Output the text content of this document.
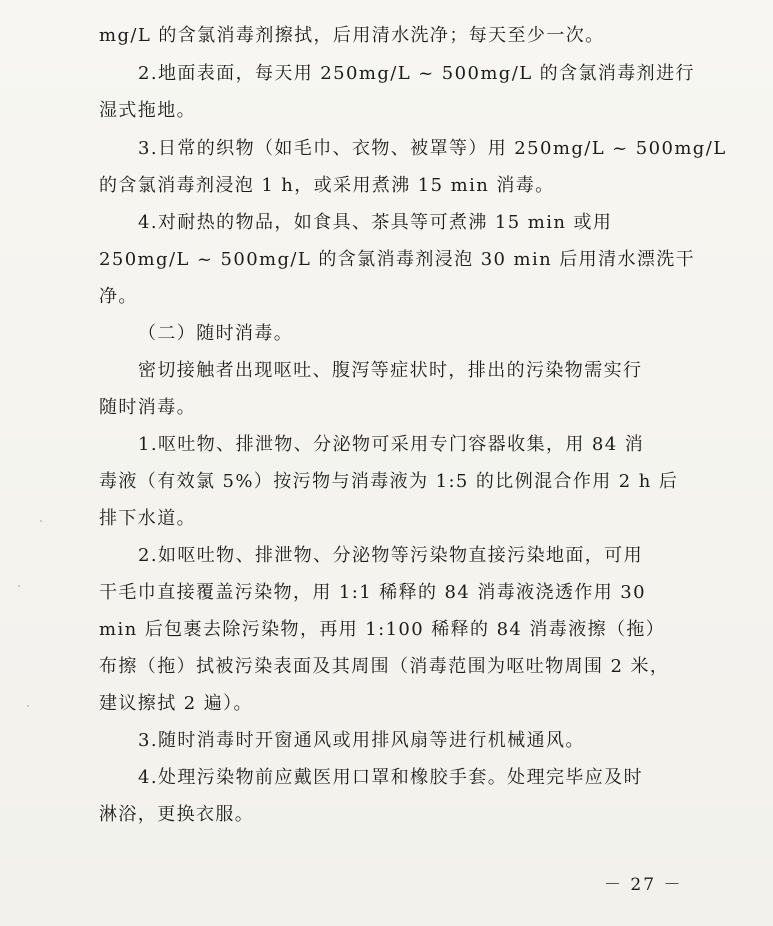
mg/L 的含氯消毒剂擦拭，后用清水洗净；每天至少一次。
2.地面表面，每天用 250mg/L ~ 500mg/L 的含氯消毒剂进行
湿式拖地。
3.日常的织物（如毛巾、衣物、被罩等）用 250mg/L ~ 500mg/L
的含氯消毒剂浸泡 1 h，或采用煮沸 15 min 消毒。
4.对耐热的物品，如食具、茶具等可煮沸 15 min 或用
250mg/L ~ 500mg/L 的含氯消毒剂浸泡 30 min 后用清水漂洗干
净。
（二）随时消毒。
密切接触者出现呕吐、腹泻等症状时，排出的污染物需实行
随时消毒。
1.呕吐物、排泄物、分泌物可采用专门容器收集，用 84 消
毒液（有效氯 5%）按污物与消毒液为 1:5 的比例混合作用 2 h 后
排下水道。
2.如呕吐物、排泄物、分泌物等污染物直接污染地面，可用
干毛巾直接覆盖污染物，用 1:1 稀释的 84 消毒液浇透作用 30
min 后包裹去除污染物，再用 1:100 稀释的 84 消毒液擦（拖）
布擦（拖）拭被污染表面及其周围（消毒范围为呕吐物周围 2 米，
建议擦拭 2 遍）。
3.随时消毒时开窗通风或用排风扇等进行机械通风。
4.处理污染物前应戴医用口罩和橡胶手套。处理完毕应及时
淋浴，更换衣服。
－ 27 －
